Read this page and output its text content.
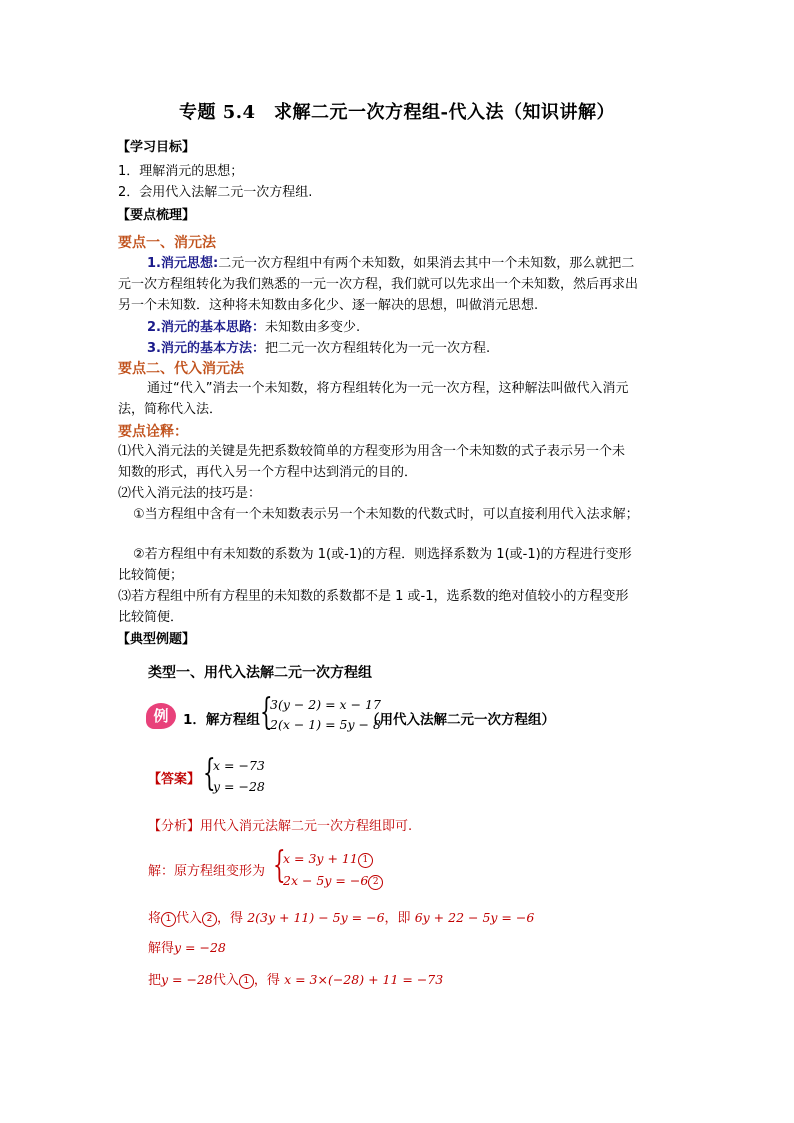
专题 5.4　求解二元一次方程组-代入法（知识讲解）
【学习目标】
1．理解消元的思想；
2．会用代入法解二元一次方程组.
【要点梳理】
要点一、消元法
1.消元思想:二元一次方程组中有两个未知数，如果消去其中一个未知数，那么就把二
元一次方程组转化为我们熟悉的一元一次方程，我们就可以先求出一个未知数，然后再求出
另一个未知数．这种将未知数由多化少、逐一解决的思想，叫做消元思想.
2.消元的基本思路：未知数由多变少.
3.消元的基本方法：把二元一次方程组转化为一元一次方程.
要点二、代入消元法
通过“代入”消去一个未知数，将方程组转化为一元一次方程，这种解法叫做代入消元
法，简称代入法．
要点诠释：
⑴代入消元法的关键是先把系数较简单的方程变形为用含一个未知数的式子表示另一个未
知数的形式，再代入另一个方程中达到消元的目的．
⑵代入消元法的技巧是：
①当方程组中含有一个未知数表示另一个未知数的代数式时，可以直接利用代入法求解；
②若方程组中有未知数的系数为 1(或-1)的方程．则选择系数为 1(或-1)的方程进行变形
比较简便；
⑶若方程组中所有方程里的未知数的系数都不是 1 或-1，选系数的绝对值较小的方程变形
比较简便．
【典型例题】
类型一、用代入法解二元一次方程组
例	1．解方程组 {
3(y − 2) = x − 17
2(x − 1) = 5y − 8
（用代入法解二元一次方程组）
【答案】 {
x = −73
y = −28
【分析】用代入消元法解二元一次方程组即可.
解：原方程组变形为 {
x = 3y + 11 1
2x − 5y = −6 2
将 1 代入 2 ，得 2(3y + 11) − 5y = −6，即 6y + 22 − 5y = −6
解得y = −28
把y = −28代入 1 ，得 x = 3×(−28) + 11 = −73
